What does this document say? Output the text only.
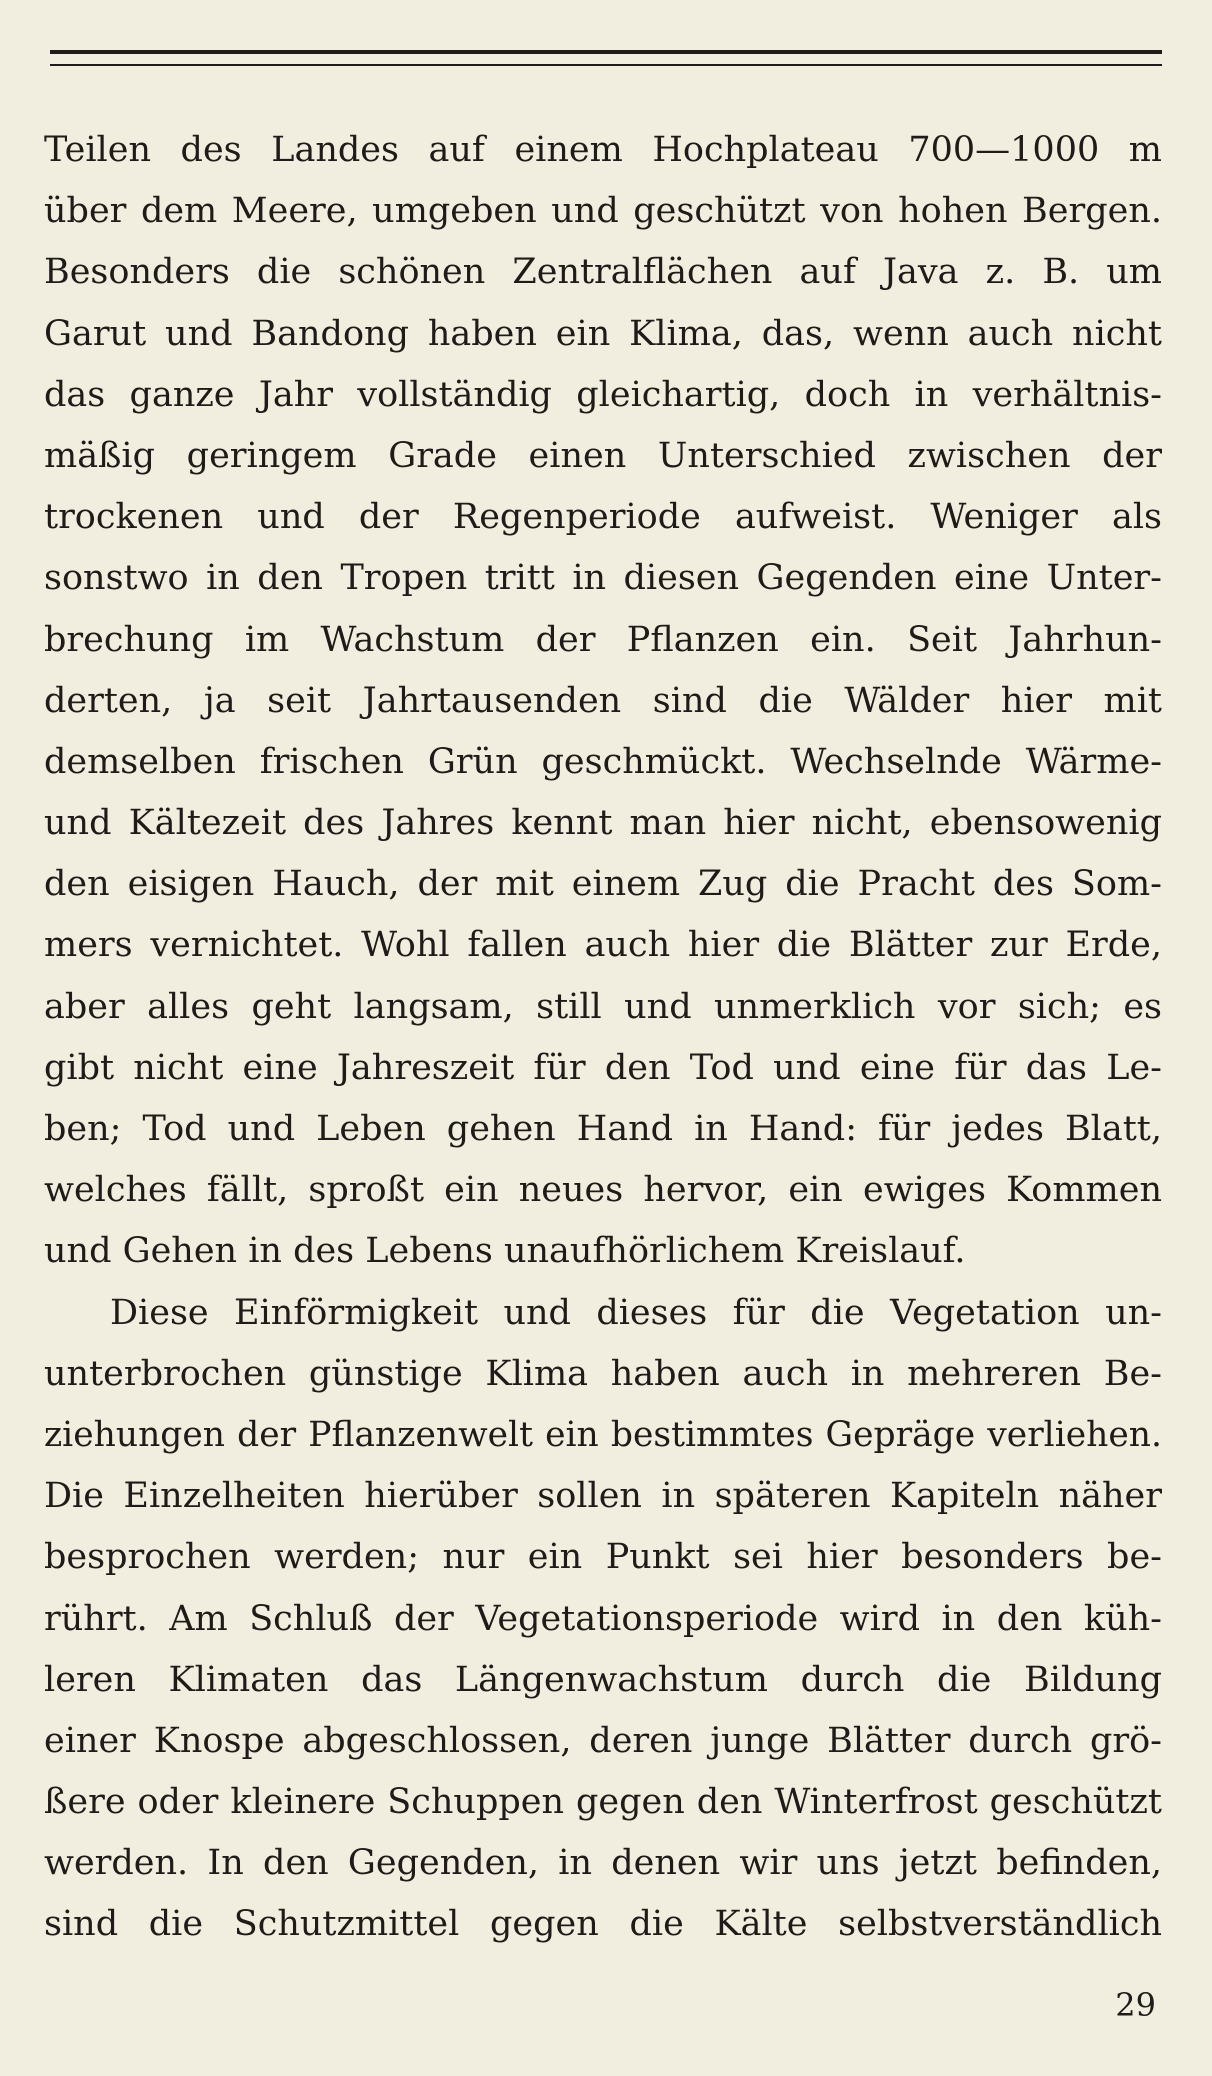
Teilen des Landes auf einem Hochplateau 700—1000 m
über dem Meere, umgeben und geschützt von hohen Bergen.
Besonders die schönen Zentralflächen auf Java z. B. um
Garut und Bandong haben ein Klima, das, wenn auch nicht
das ganze Jahr vollständig gleichartig, doch in verhältnis-
mäßig geringem Grade einen Unterschied zwischen der
trockenen und der Regenperiode aufweist. Weniger als
sonstwo in den Tropen tritt in diesen Gegenden eine Unter-
brechung im Wachstum der Pflanzen ein. Seit Jahrhun-
derten, ja seit Jahrtausenden sind die Wälder hier mit
demselben frischen Grün geschmückt. Wechselnde Wärme-
und Kältezeit des Jahres kennt man hier nicht, ebensowenig
den eisigen Hauch, der mit einem Zug die Pracht des Som-
mers vernichtet. Wohl fallen auch hier die Blätter zur Erde,
aber alles geht langsam, still und unmerklich vor sich; es
gibt nicht eine Jahreszeit für den Tod und eine für das Le-
ben; Tod und Leben gehen Hand in Hand: für jedes Blatt,
welches fällt, sproßt ein neues hervor, ein ewiges Kommen
und Gehen in des Lebens unaufhörlichem Kreislauf.
Diese Einförmigkeit und dieses für die Vegetation un-
unterbrochen günstige Klima haben auch in mehreren Be-
ziehungen der Pflanzenwelt ein bestimmtes Gepräge verliehen.
Die Einzelheiten hierüber sollen in späteren Kapiteln näher
besprochen werden; nur ein Punkt sei hier besonders be-
rührt. Am Schluß der Vegetationsperiode wird in den küh-
leren Klimaten das Längenwachstum durch die Bildung
einer Knospe abgeschlossen, deren junge Blätter durch grö-
ßere oder kleinere Schuppen gegen den Winterfrost geschützt
werden. In den Gegenden, in denen wir uns jetzt befinden,
sind die Schutzmittel gegen die Kälte selbstverständlich
29
